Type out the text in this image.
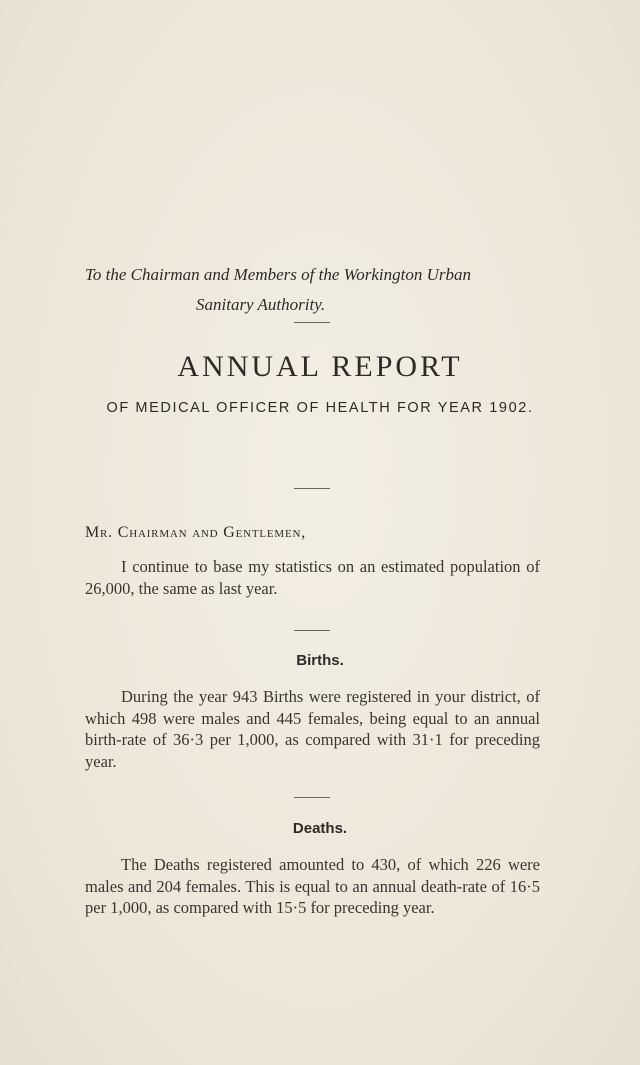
To the Chairman and Members of the Workington Urban
Sanitary Authority.
ANNUAL REPORT
OF MEDICAL OFFICER OF HEALTH FOR YEAR 1902.
Mr. Chairman and Gentlemen,
I continue to base my statistics on an estimated population of 26,000, the same as last year.
Births.
During the year 943 Births were registered in your district, of which 498 were males and 445 females, being equal to an annual birth-rate of 36·3 per 1,000, as compared with 31·1 for preceding year.
Deaths.
The Deaths registered amounted to 430, of which 226 were males and 204 females. This is equal to an annual death-rate of 16·5 per 1,000, as compared with 15·5 for preceding year.
